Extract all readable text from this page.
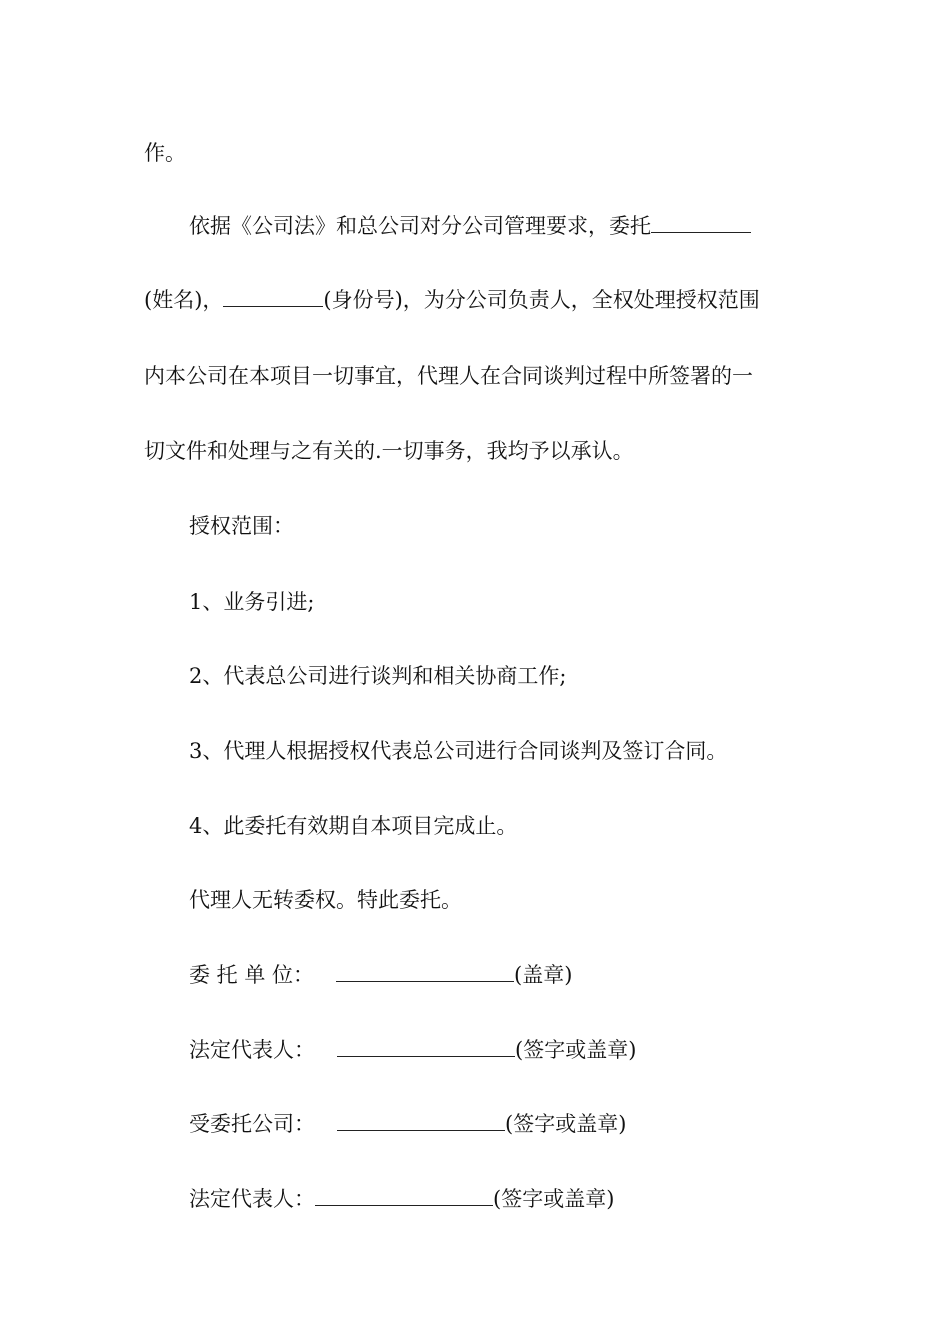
作。
依据《公司法》和总公司对分公司管理要求，委托
(姓名)，	(身份号)，为分公司负责人，全权处理授权范围
内本公司在本项目一切事宜，代理人在合同谈判过程中所签署的一
切文件和处理与之有关的.一切事务，我均予以承认。
授权范围：
1、业务引进;
2、代表总公司进行谈判和相关协商工作;
3、代理人根据授权代表总公司进行合同谈判及签订合同。
4、此委托有效期自本项目完成止。
代理人无转委权。特此委托。
委 托 单 位：	(盖章)
法定代表人：	(签字或盖章)
受委托公司：	(签字或盖章)
法定代表人：	(签字或盖章)
